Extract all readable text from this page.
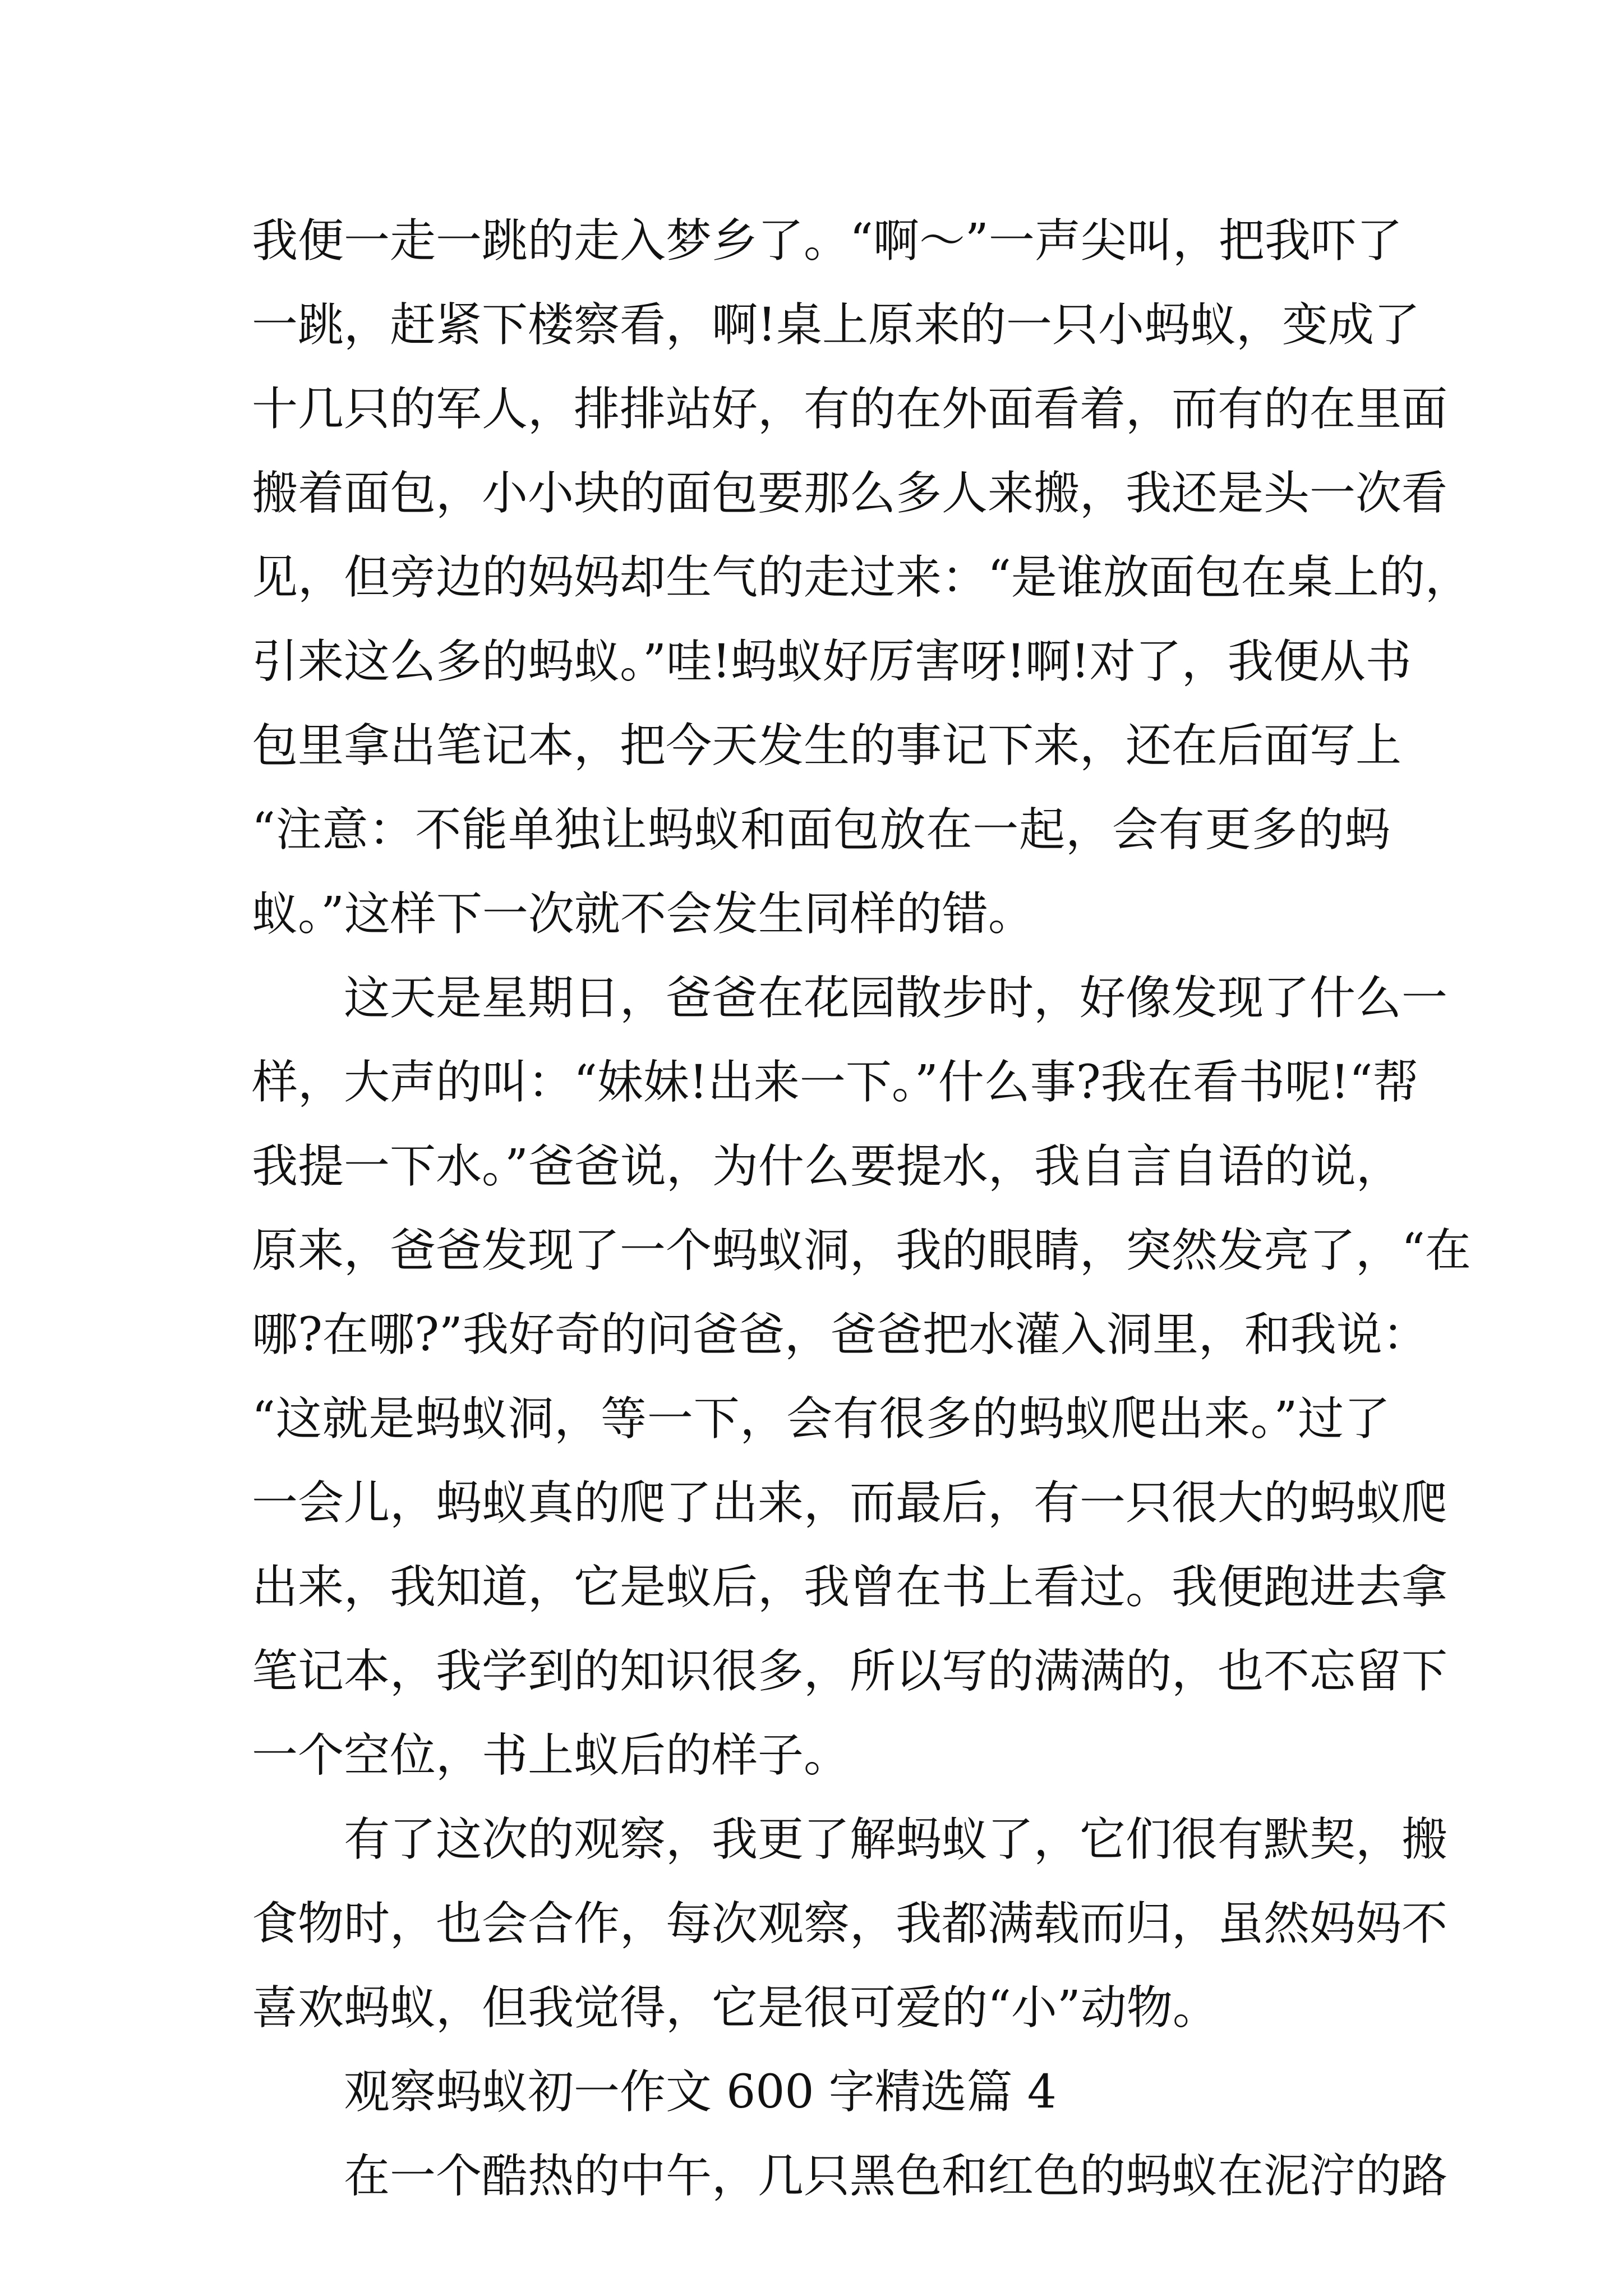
我便一走一跳的走入梦乡了。“啊～”一声尖叫，把我吓了

一跳，赶紧下楼察看，啊!桌上原来的一只小蚂蚁，变成了

十几只的军人，排排站好，有的在外面看着，而有的在里面

搬着面包，小小块的面包要那么多人来搬，我还是头一次看

见，但旁边的妈妈却生气的走过来：“是谁放面包在桌上的，

引来这么多的蚂蚁。”哇!蚂蚁好厉害呀!啊!对了，我便从书

包里拿出笔记本，把今天发生的事记下来，还在后面写上

“注意：不能单独让蚂蚁和面包放在一起，会有更多的蚂

蚁。”这样下一次就不会发生同样的错。

　　这天是星期日，爸爸在花园散步时，好像发现了什么一

样，大声的叫：“妹妹!出来一下。”什么事?我在看书呢!“帮

我提一下水。”爸爸说，为什么要提水，我自言自语的说，

原来，爸爸发现了一个蚂蚁洞，我的眼睛，突然发亮了，“在

哪?在哪?”我好奇的问爸爸，爸爸把水灌入洞里，和我说：

“这就是蚂蚁洞，等一下，会有很多的蚂蚁爬出来。”过了

一会儿，蚂蚁真的爬了出来，而最后，有一只很大的蚂蚁爬

出来，我知道，它是蚁后，我曾在书上看过。我便跑进去拿

笔记本，我学到的知识很多，所以写的满满的，也不忘留下

一个空位，书上蚁后的样子。

　　有了这次的观察，我更了解蚂蚁了，它们很有默契，搬

食物时，也会合作，每次观察，我都满载而归，虽然妈妈不

喜欢蚂蚁，但我觉得，它是很可爱的“小”动物。

　　观察蚂蚁初一作文 600 字精选篇 4

　　在一个酷热的中午，几只黑色和红色的蚂蚁在泥泞的路
